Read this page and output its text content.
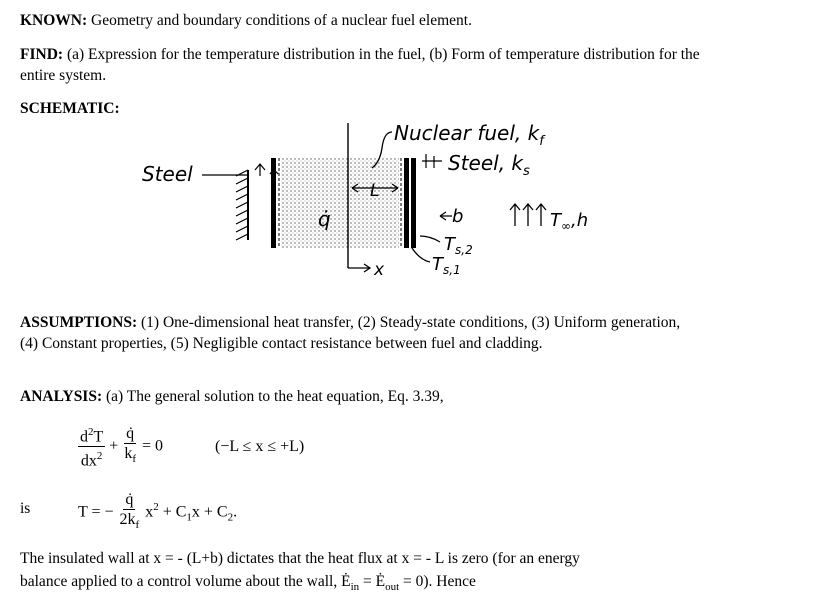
KNOWN: Geometry and boundary conditions of a nuclear fuel element.

FIND: (a) Expression for the temperature distribution in the fuel, (b) Form of temperature distribution for the entire system.

SCHEMATIC:

Steel
Nuclear fuel, $k_f$
Steel, $k_s$
L
q̇	b
x
$T_\infty,h$
$T_{s,1}$
$T_{s,2}$

ASSUMPTIONS: (1) One-dimensional heat transfer, (2) Steady-state conditions, (3) Uniform generation, (4) Constant properties, (5) Negligible contact resistance between fuel and cladding.

ANALYSIS: (a) The general solution to the heat equation, Eq. 3.39,

$\frac{d^2T}{dx^2} + \frac{q̇}{k_f} = 0$	(−L ≤ x ≤ +L)

is	T = − $\frac{q̇}{2k_f} x^2 + C_1x + C_2$.

The insulated wall at x = - (L+b) dictates that the heat flux at x = - L is zero (for an energy

balance applied to a control volume about the wall, $Ė_{in}$ = $Ė_{out} = 0$). Hence
